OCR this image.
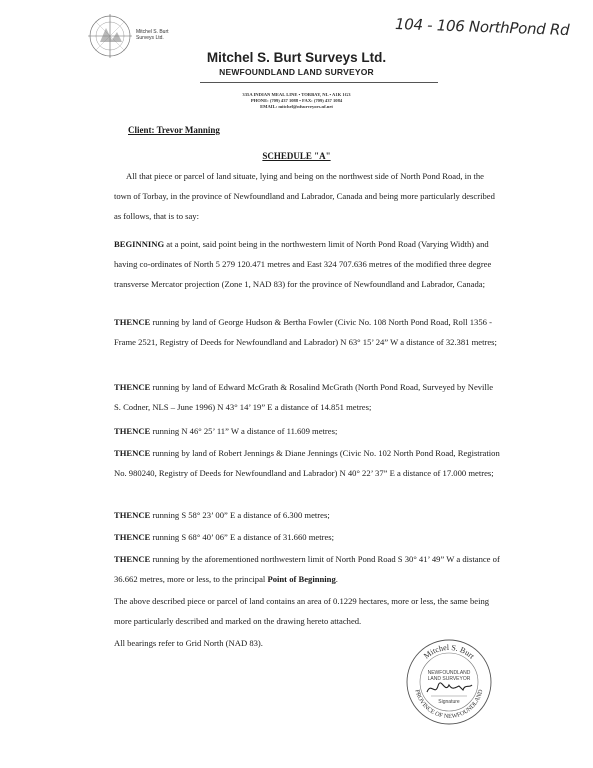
Mitchel S. Burt
Surveys Ltd.	104 - 106 NorthPond Rd
Mitchel S. Burt Surveys Ltd.
NEWFOUNDLAND LAND SURVEYOR
335A INDIAN MEAL LINE • TORBAY, NL • A1K 1G3
PHONE: (709) 437 1088 • FAX: (709) 437 1084
EMAIL: mitchel@nfsurveyors.nf.net
Client: Trevor Manning
SCHEDULE "A"
All that piece or parcel of land situate, lying and being on the northwest side of North Pond Road, in the town of Torbay, in the province of Newfoundland and Labrador, Canada and being more particularly described as follows, that is to say:
BEGINNING at a point, said point being in the northwestern limit of North Pond Road (Varying Width) and having co-ordinates of North 5 279 120.471 metres and East 324 707.636 metres of the modified three degree transverse Mercator projection (Zone 1, NAD 83) for the province of Newfoundland and Labrador, Canada;
THENCE running by land of George Hudson & Bertha Fowler (Civic No. 108 North Pond Road, Roll 1356 - Frame 2521, Registry of Deeds for Newfoundland and Labrador) N 63° 15’ 24” W a distance of 32.381 metres;
THENCE running by land of Edward McGrath & Rosalind McGrath (North Pond Road, Surveyed by Neville S. Codner, NLS – June 1996) N 43° 14’ 19” E a distance of 14.851 metres;
THENCE running N 46° 25’ 11” W a distance of 11.609 metres;
THENCE running by land of Robert Jennings & Diane Jennings (Civic No. 102 North Pond Road, Registration No. 980240, Registry of Deeds for Newfoundland and Labrador) N 40° 22’ 37” E a distance of 17.000 metres;
THENCE running S 58° 23’ 00” E a distance of 6.300 metres;
THENCE running S 68° 40’ 06” E a distance of 31.660 metres;
THENCE running by the aforementioned northwestern limit of North Pond Road S 30° 41’ 49” W a distance of 36.662 metres, more or less, to the principal Point of Beginning.
The above described piece or parcel of land contains an area of 0.1229 hectares, more or less, the same being more particularly described and marked on the drawing hereto attached.
All bearings refer to Grid North (NAD 83).
Mitchel S. Burt
PROVINCE OF NEWFOUNDLAND
NEWFOUNDLAND
LAND SURVEYOR
Signature
